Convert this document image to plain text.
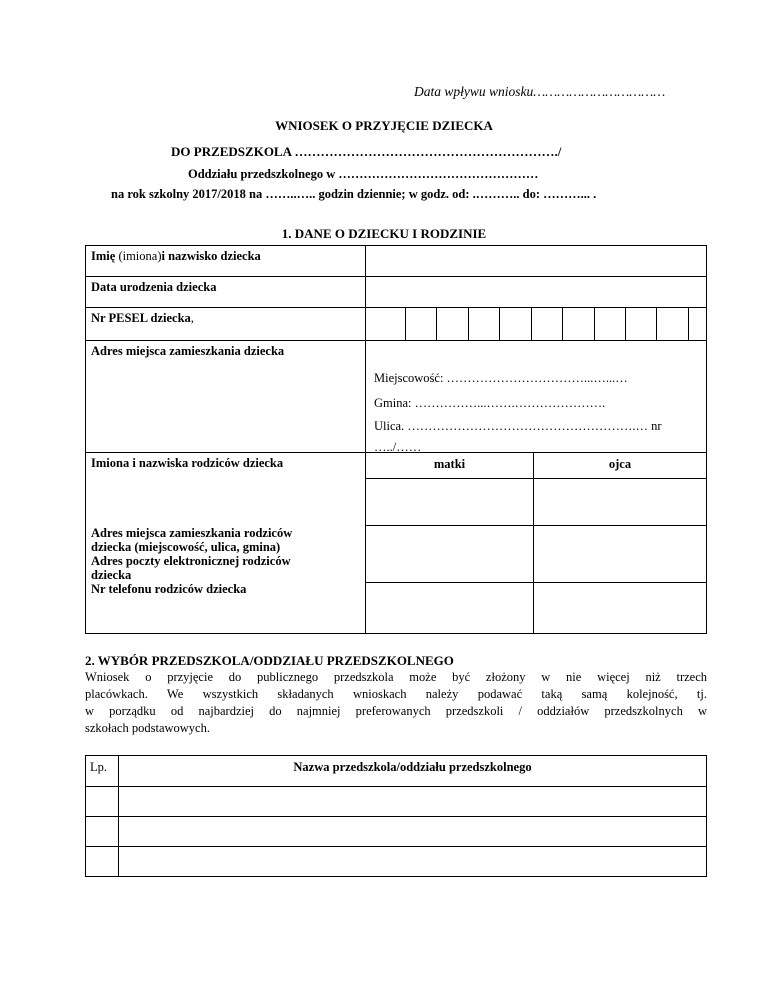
Data wpływu wniosku……………………………
WNIOSEK O PRZYJĘCIE DZIECKA
DO PRZEDSZKOLA ……………………………………………………./
Oddziału przedszkolnego w …………………………………………
na rok szkolny 2017/2018 na ……..….. godzin dziennie; w godz. od: .……….. do: ………... .
1. DANE O DZIECKU I RODZINIE
Imię (imiona)i nazwisko dziecka
Data urodzenia dziecka
Nr PESEL dziecka,
Adres miejsca zamieszkania dziecka
Miejscowość: ……………………………...…...…
Gmina: ……………...…….………………….
Ulica. ……………………………………………….… nr
…../……
Imiona i nazwiska rodziców dziecka	matki	ojca
Adres miejsca zamieszkania rodziców
dziecka (miejscowość, ulica, gmina)
Adres poczty elektronicznej rodziców
dziecka
Nr telefonu rodziców dziecka
2. WYBÓR PRZEDSZKOLA/ODDZIAŁU PRZEDSZKOLNEGO
Wniosek o przyjęcie do publicznego przedszkola może być złożony w nie więcej niż trzech
placówkach. We wszystkich składanych wnioskach należy podawać taką samą kolejność, tj.
w porządku od najbardziej do najmniej preferowanych przedszkoli / oddziałów przedszkolnych w
szkołach podstawowych.
Lp.	Nazwa przedszkola/oddziału przedszkolnego
